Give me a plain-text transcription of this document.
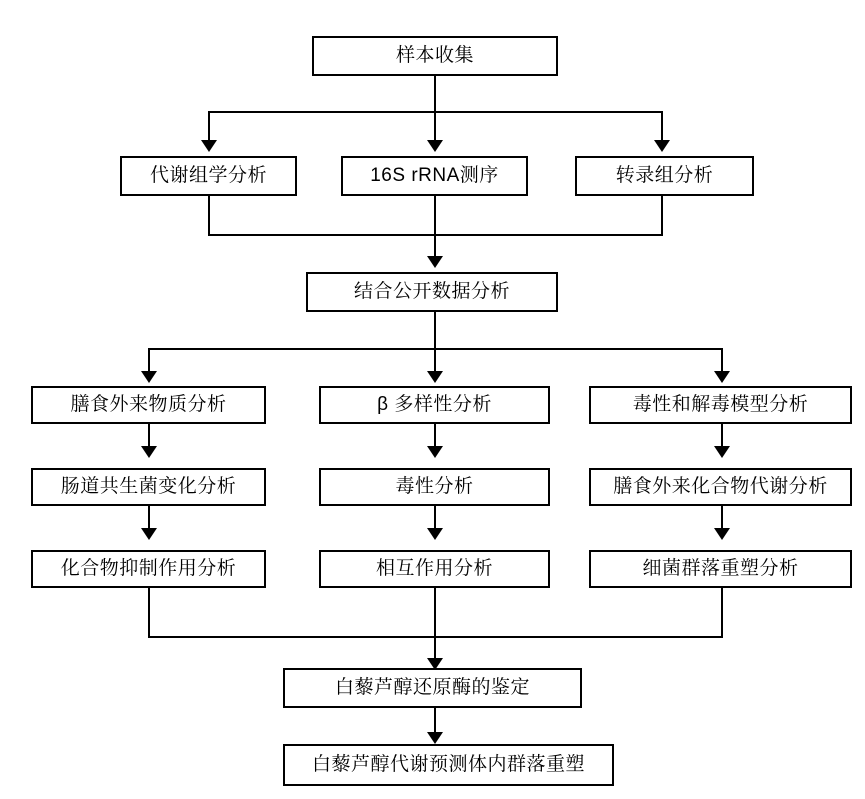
样本收集
代谢组学分析	16S rRNA测序	转录组分析
结合公开数据分析
膳食外来物质分析	β 多样性分析	毒性和解毒模型分析
肠道共生菌变化分析	毒性分析	膳食外来化合物代谢分析
化合物抑制作用分析	相互作用分析	细菌群落重塑分析
白藜芦醇还原酶的鉴定
白藜芦醇代谢预测体内群落重塑
